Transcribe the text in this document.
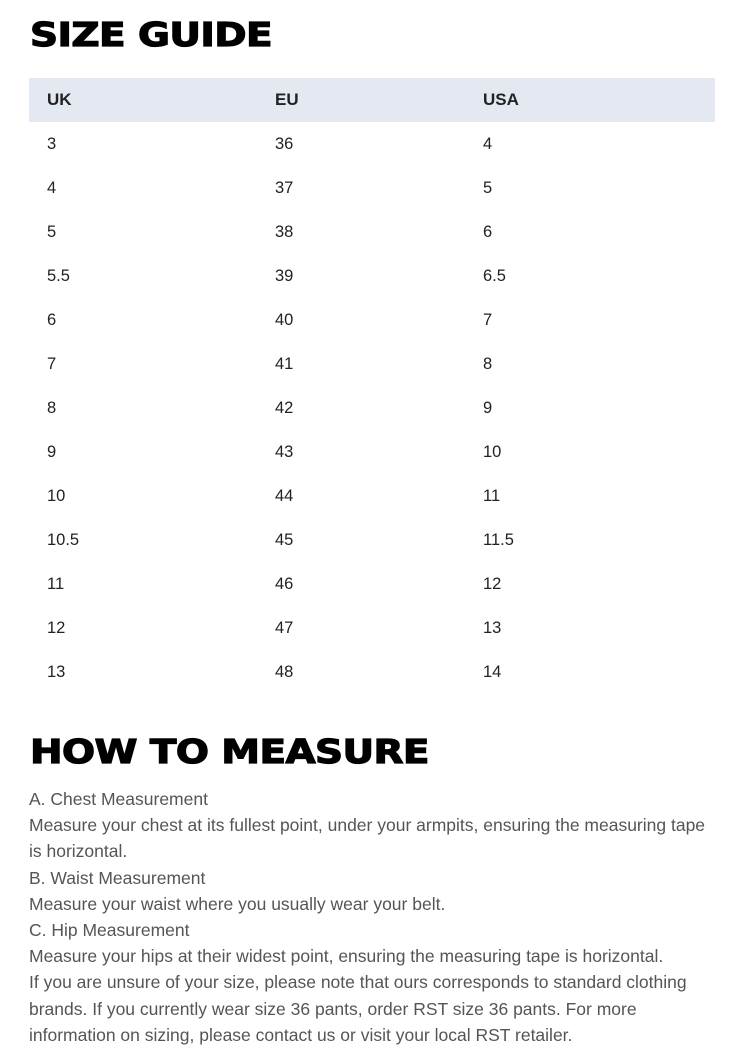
SIZE GUIDE
UK	EU	USA
3	36	4
4	37	5
5	38	6
5.5	39	6.5
6	40	7
7	41	8
8	42	9
9	43	10
10	44	11
10.5	45	11.5
11	46	12
12	47	13
13	48	14
HOW TO MEASURE

A. Chest Measurement

Measure your chest at its fullest point, under your armpits, ensuring the measuring tape is horizontal.

B. Waist Measurement

Measure your waist where you usually wear your belt.

C. Hip Measurement

Measure your hips at their widest point, ensuring the measuring tape is horizontal.

If you are unsure of your size, please note that ours corresponds to standard clothing brands. If you currently wear size 36 pants, order RST size 36 pants. For more information on sizing, please contact us or visit your local RST retailer.
